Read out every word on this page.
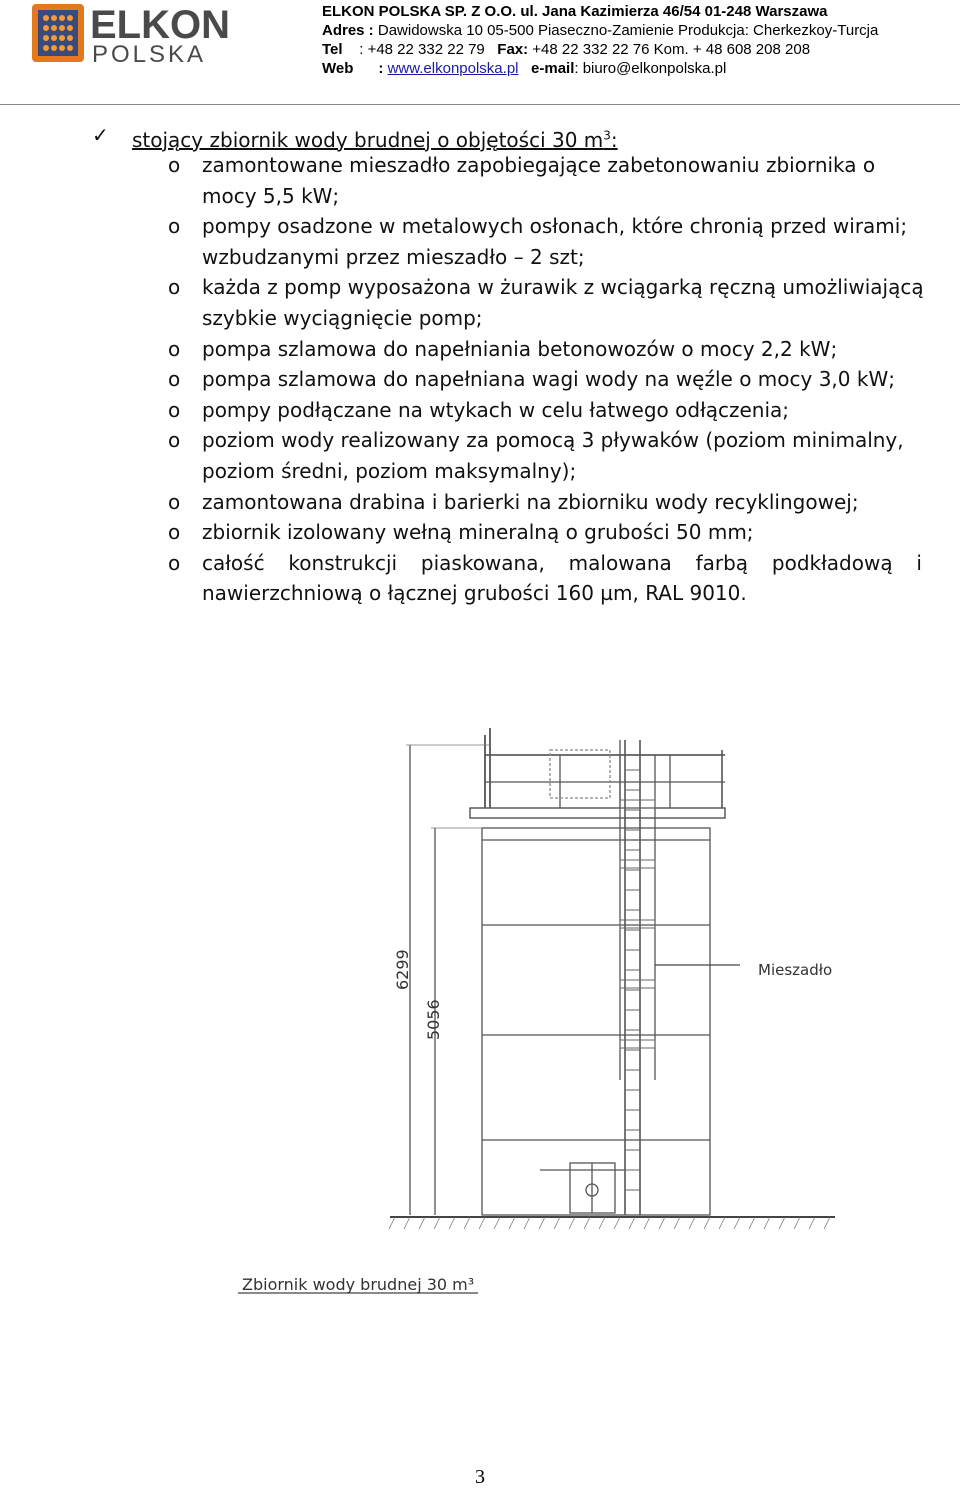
ELKON
POLSKA
ELKON POLSKA SP. Z O.O. ul. Jana Kazimierza 46/54 01-248 Warszawa
Adres : Dawidowska 10 05-500 Piaseczno-Zamienie Produkcja: Cherkezkoy-Turcja
Tel : +48 22 332 22 79 Fax: +48 22 332 22 76 Kom. + 48 608 208 208
Web : www.elkonpolska.pl e-mail: biuro@elkonpolska.pl
✓ stojący zbiornik wody brudnej o objętości 30 $m^3$:
o zamontowane mieszadło zapobiegające zabetonowaniu zbiornika o mocy 5,5 kW;
o pompy osadzone w metalowych osłonach, które chronią przed wirami; wzbudzanymi przez mieszadło – 2 szt;
o każda z pomp wyposażona w żurawik z wciągarką ręczną umożliwiającą szybkie wyciągnięcie pomp;
o pompa szlamowa do napełniania betonowozów o mocy 2,2 kW;
o pompa szlamowa do napełniana wagi wody na węźle o mocy 3,0 kW;
o pompy podłączane na wtykach w celu łatwego odłączenia;
o poziom wody realizowany za pomocą 3 pływaków (poziom minimalny, poziom średni, poziom maksymalny);
o zamontowana drabina i barierki na zbiorniku wody recyklingowej;
o zbiornik izolowany wełną mineralną o grubości 50 mm;
o całość konstrukcji piaskowana, malowana farbą podkładową i nawierzchniową o łącznej grubości 160 µm, RAL 9010.
6299
5056
Mieszadło
Zbiornik wody brudnej 30 m³
3
